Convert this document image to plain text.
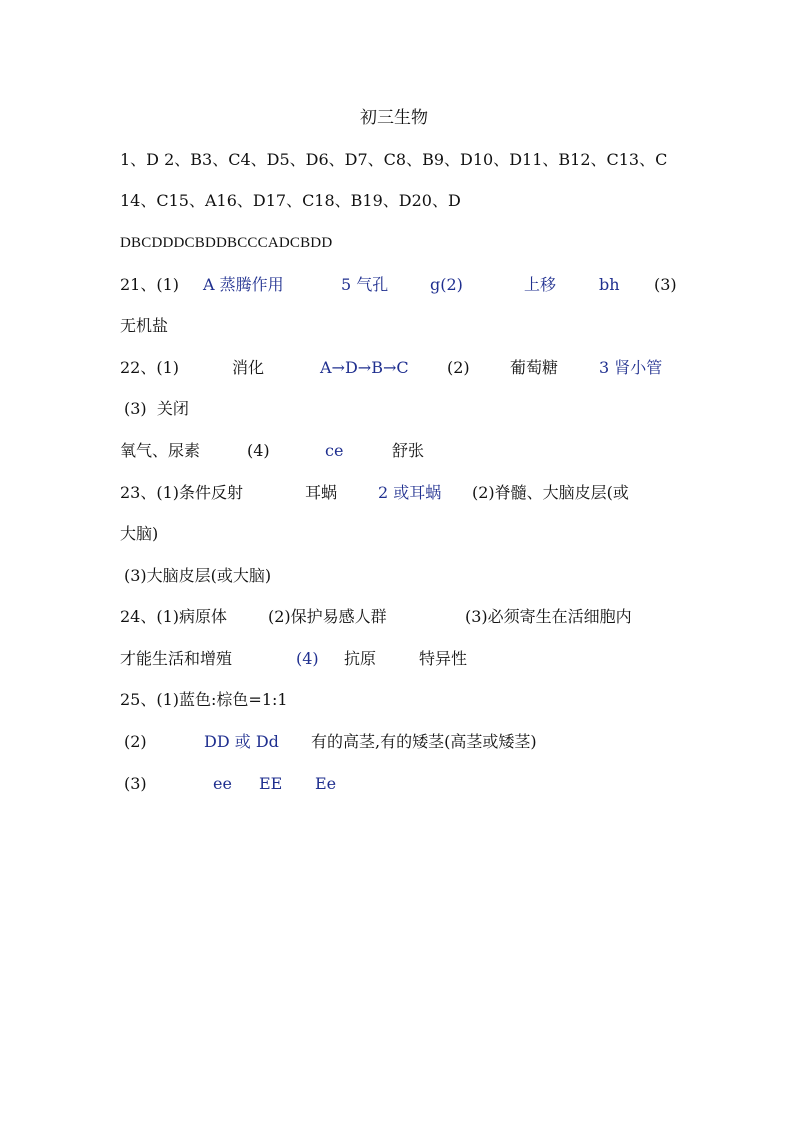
初三生物
1、D 2、B3、C4、D5、D6、D7、C8、B9、D10、D11、B12、C13、C
14、C15、A16、D17、C18、B19、D20、D
DBCDDDCBDDBCCCADCBDD
21、(1) A 蒸腾作用	5 气孔	g(2)	上移	bh (3)
无机盐
22、(1)	消化	A→D→B→C (2)	葡萄糖	3 肾小管
(3)  关闭
氧气、尿素	(4)	ce	舒张
23、(1)条件反射	耳蜗	2 或耳蜗 (2)脊髓、大脑皮层(或
大脑)
(3)大脑皮层(或大脑)
24、(1)病原体	(2)保护易感人群	(3)必须寄生在活细胞内
才能生活和增殖	(4) 抗原	特异性
25、(1)蓝色:棕色=1:1
(2)	DD 或 Dd 有的高茎,有的矮茎(高茎或矮茎)
(3)	ee EE Ee
